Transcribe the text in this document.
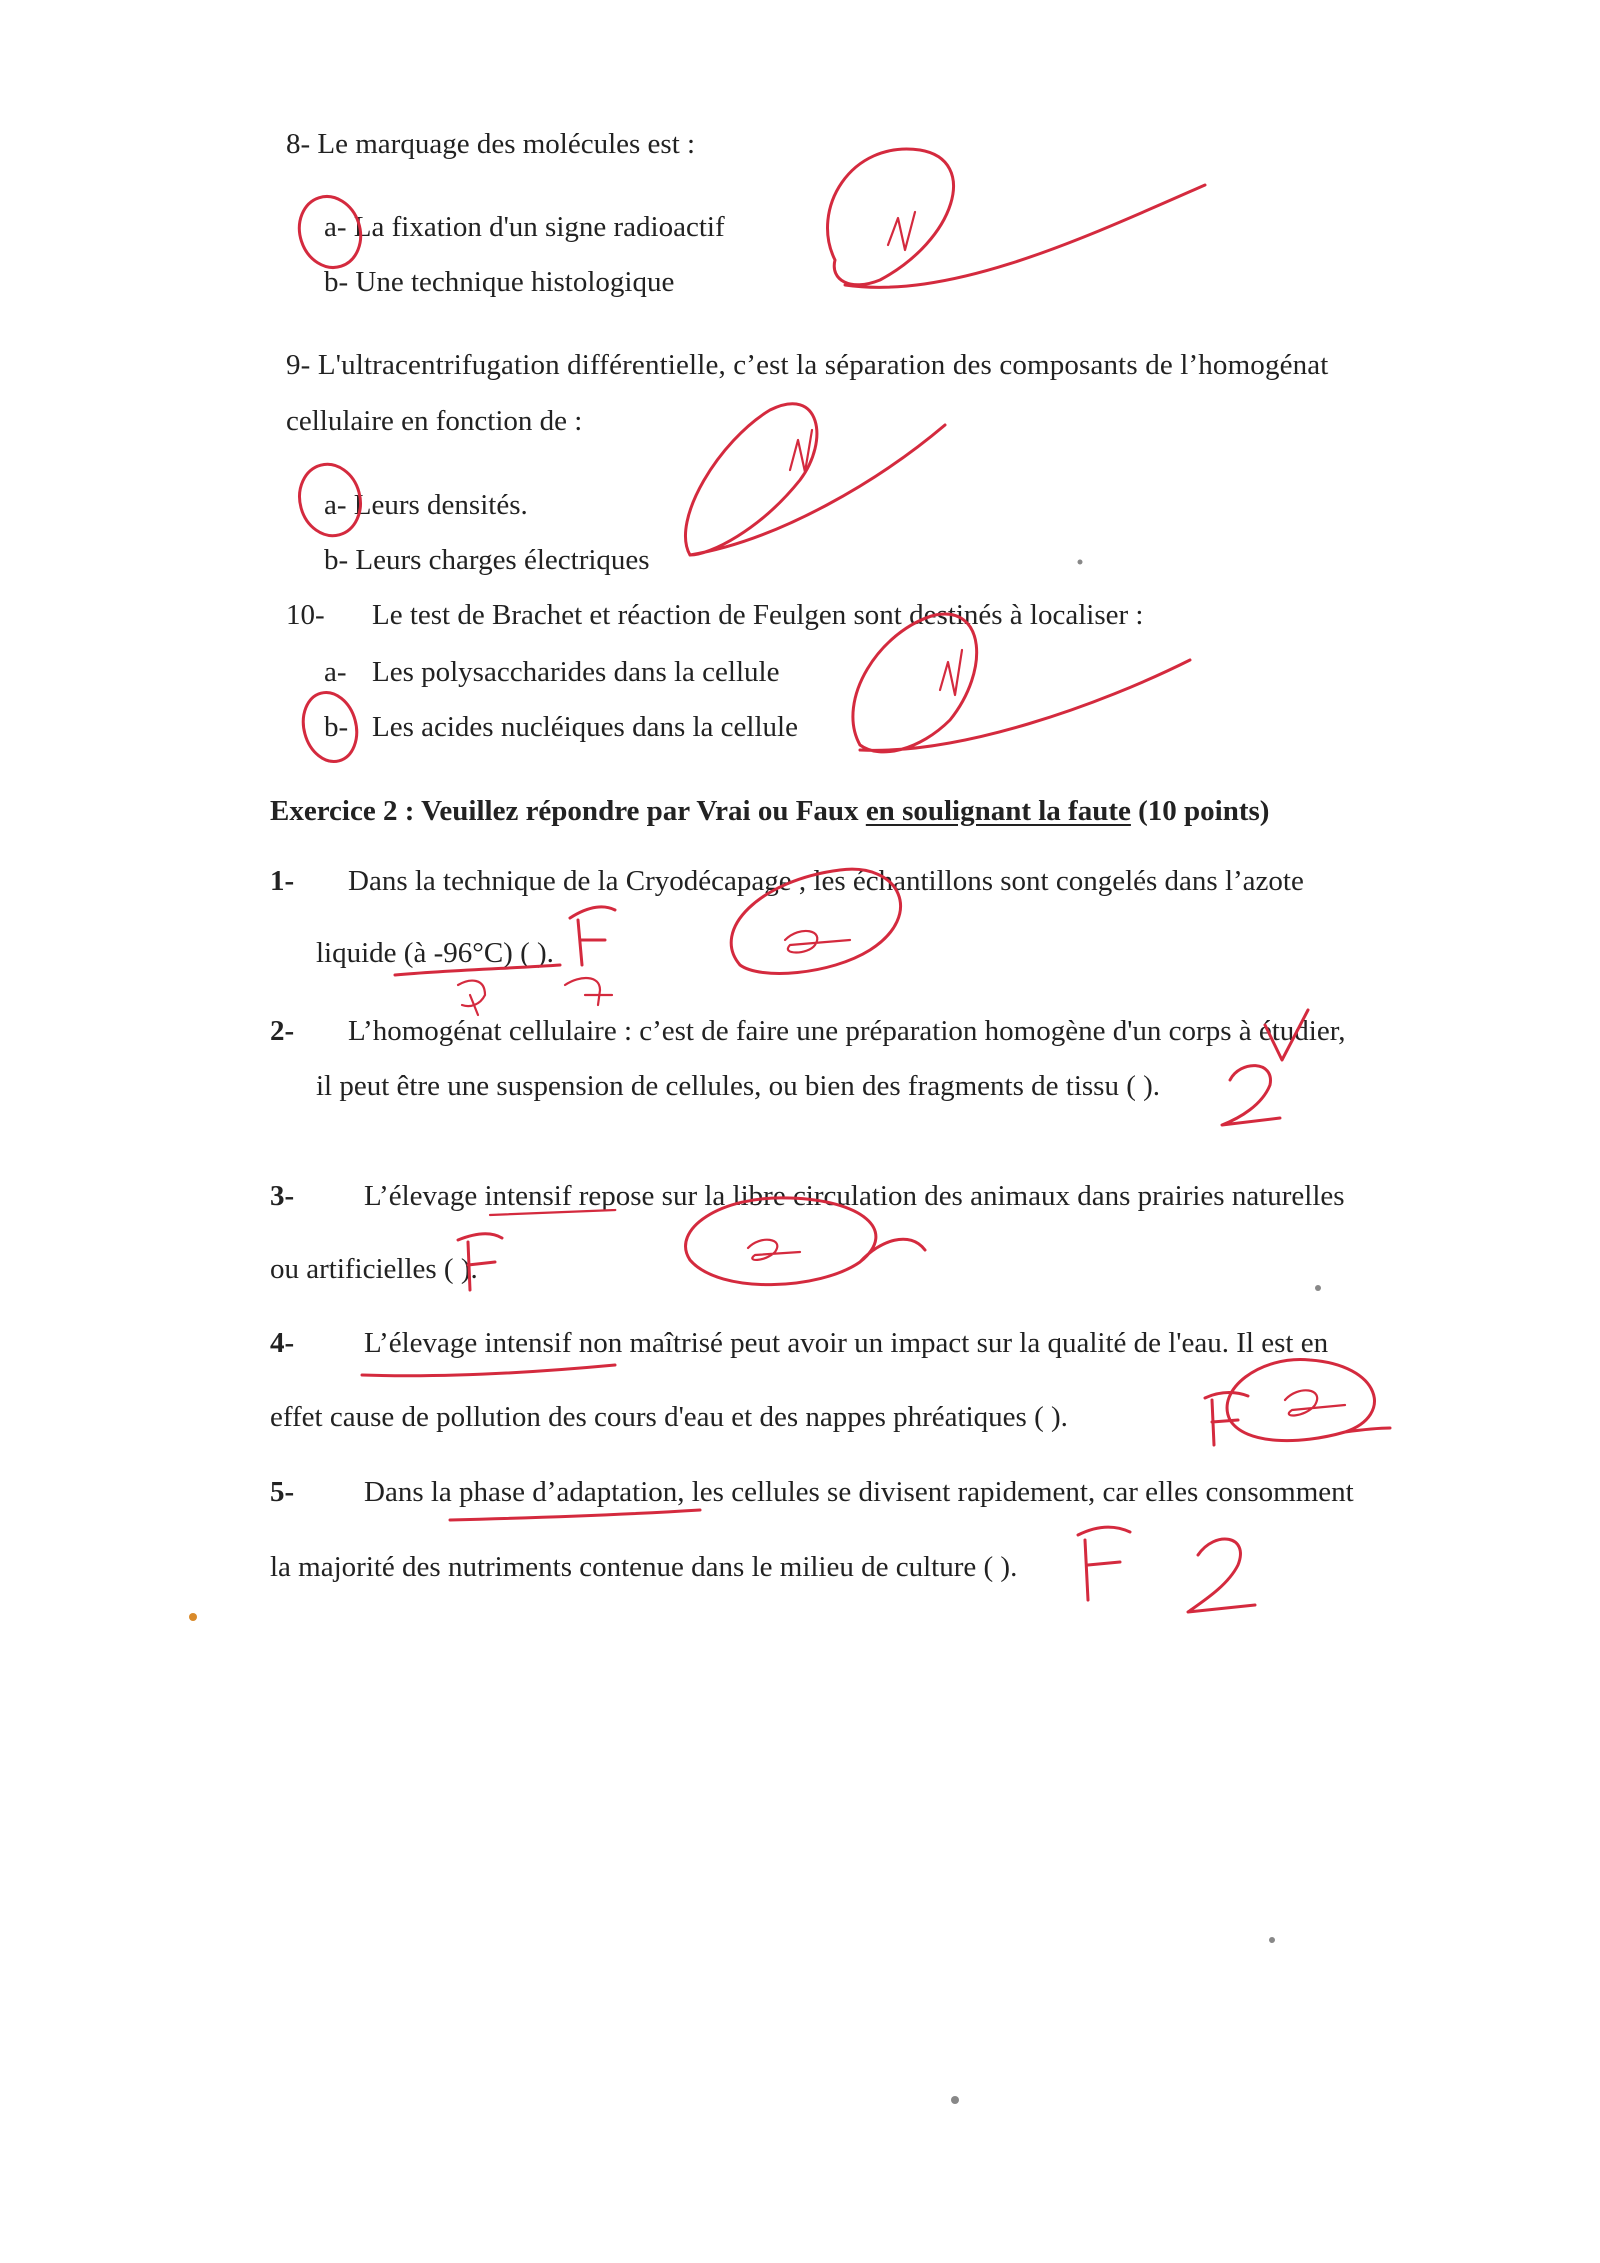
8- Le marquage des molécules est :
a- La fixation d'un signe radioactif
b- Une technique histologique
9- L'ultracentrifugation différentielle, c’est la séparation des composants de l’homogénat
cellulaire en fonction de :
a- Leurs densités.
b- Leurs charges électriques
10- Le test de Brachet et réaction de Feulgen sont destinés à localiser :
a- Les polysaccharides dans la cellule
b- Les acides nucléiques dans la cellule
Exercice 2 : Veuillez répondre par Vrai ou Faux en soulignant la faute (10 points)
1- Dans la technique de la Cryodécapage , les échantillons sont congelés dans l’azote
liquide (à -96°C) ( ).
2- L’homogénat cellulaire : c’est de faire une préparation homogène d'un corps à étudier,
il peut être une suspension de cellules, ou bien des fragments de tissu ( ).
3- L’élevage intensif repose sur la libre circulation des animaux dans prairies naturelles
ou artificielles ( ).
4- L’élevage intensif non maîtrisé peut avoir un impact sur la qualité de l'eau. Il est en
effet cause de pollution des cours d'eau et des nappes phréatiques ( ).
5- Dans la phase d’adaptation, les cellules se divisent rapidement, car elles consomment
la majorité des nutriments contenue dans le milieu de culture ( ).
